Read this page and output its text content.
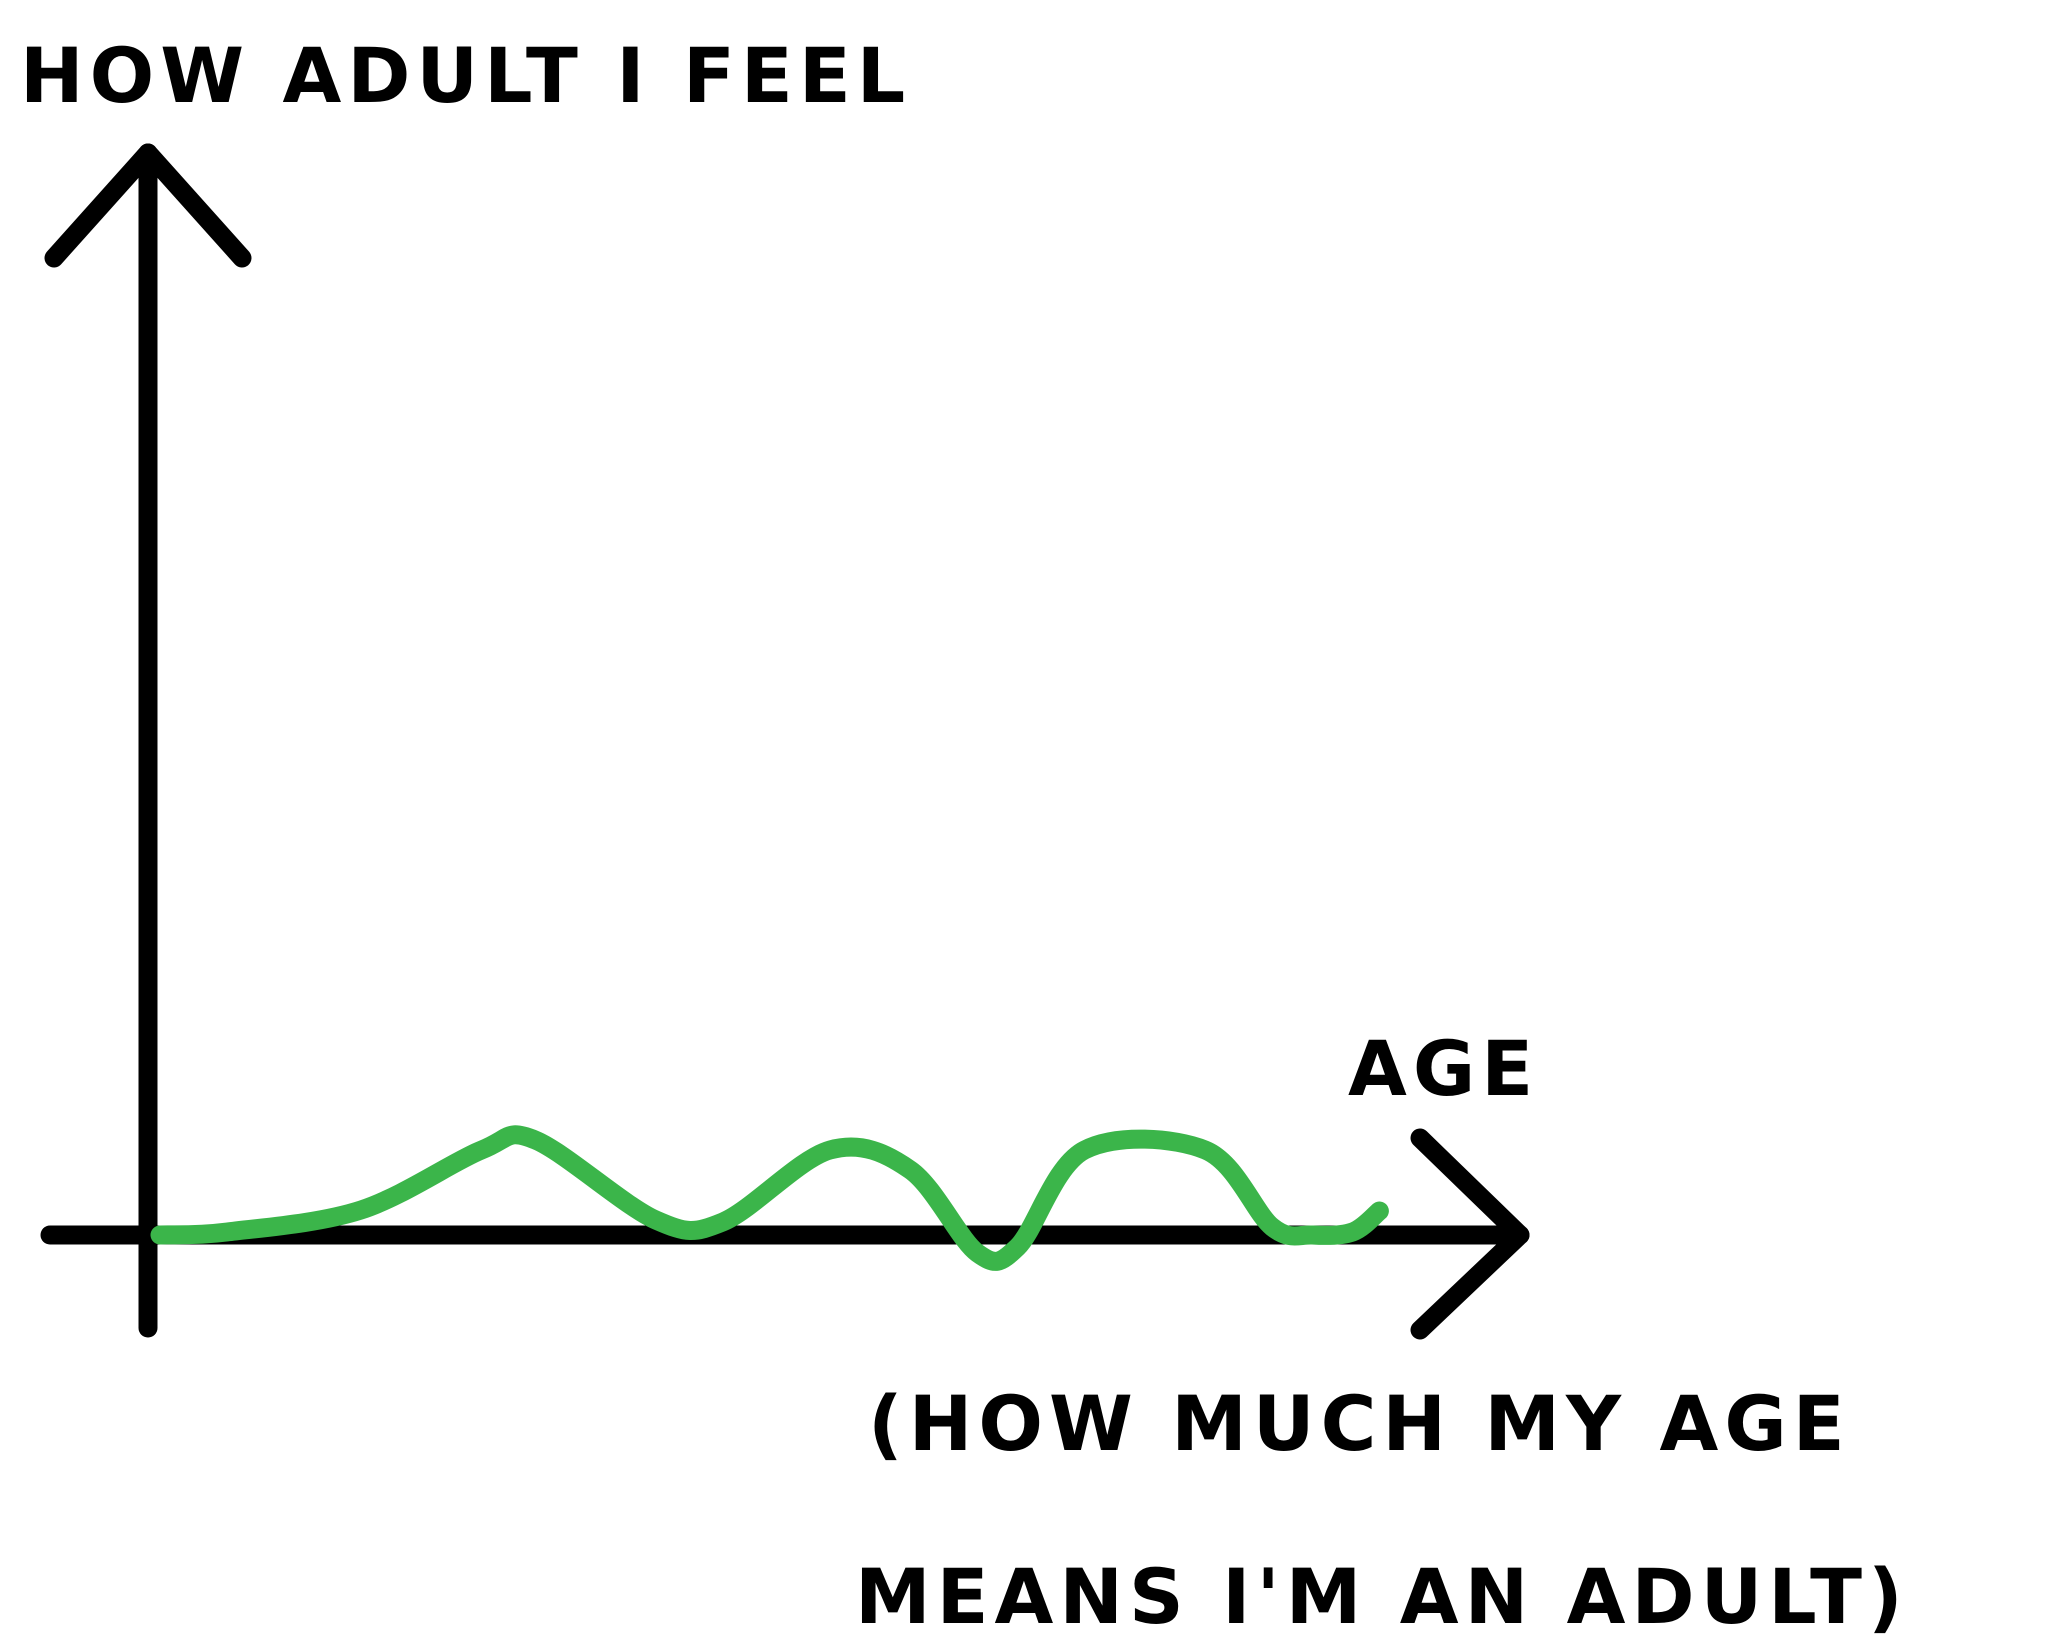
HOW ADULT I FEEL
AGE
(HOW MUCH MY AGE
MEANS I'M AN ADULT)
